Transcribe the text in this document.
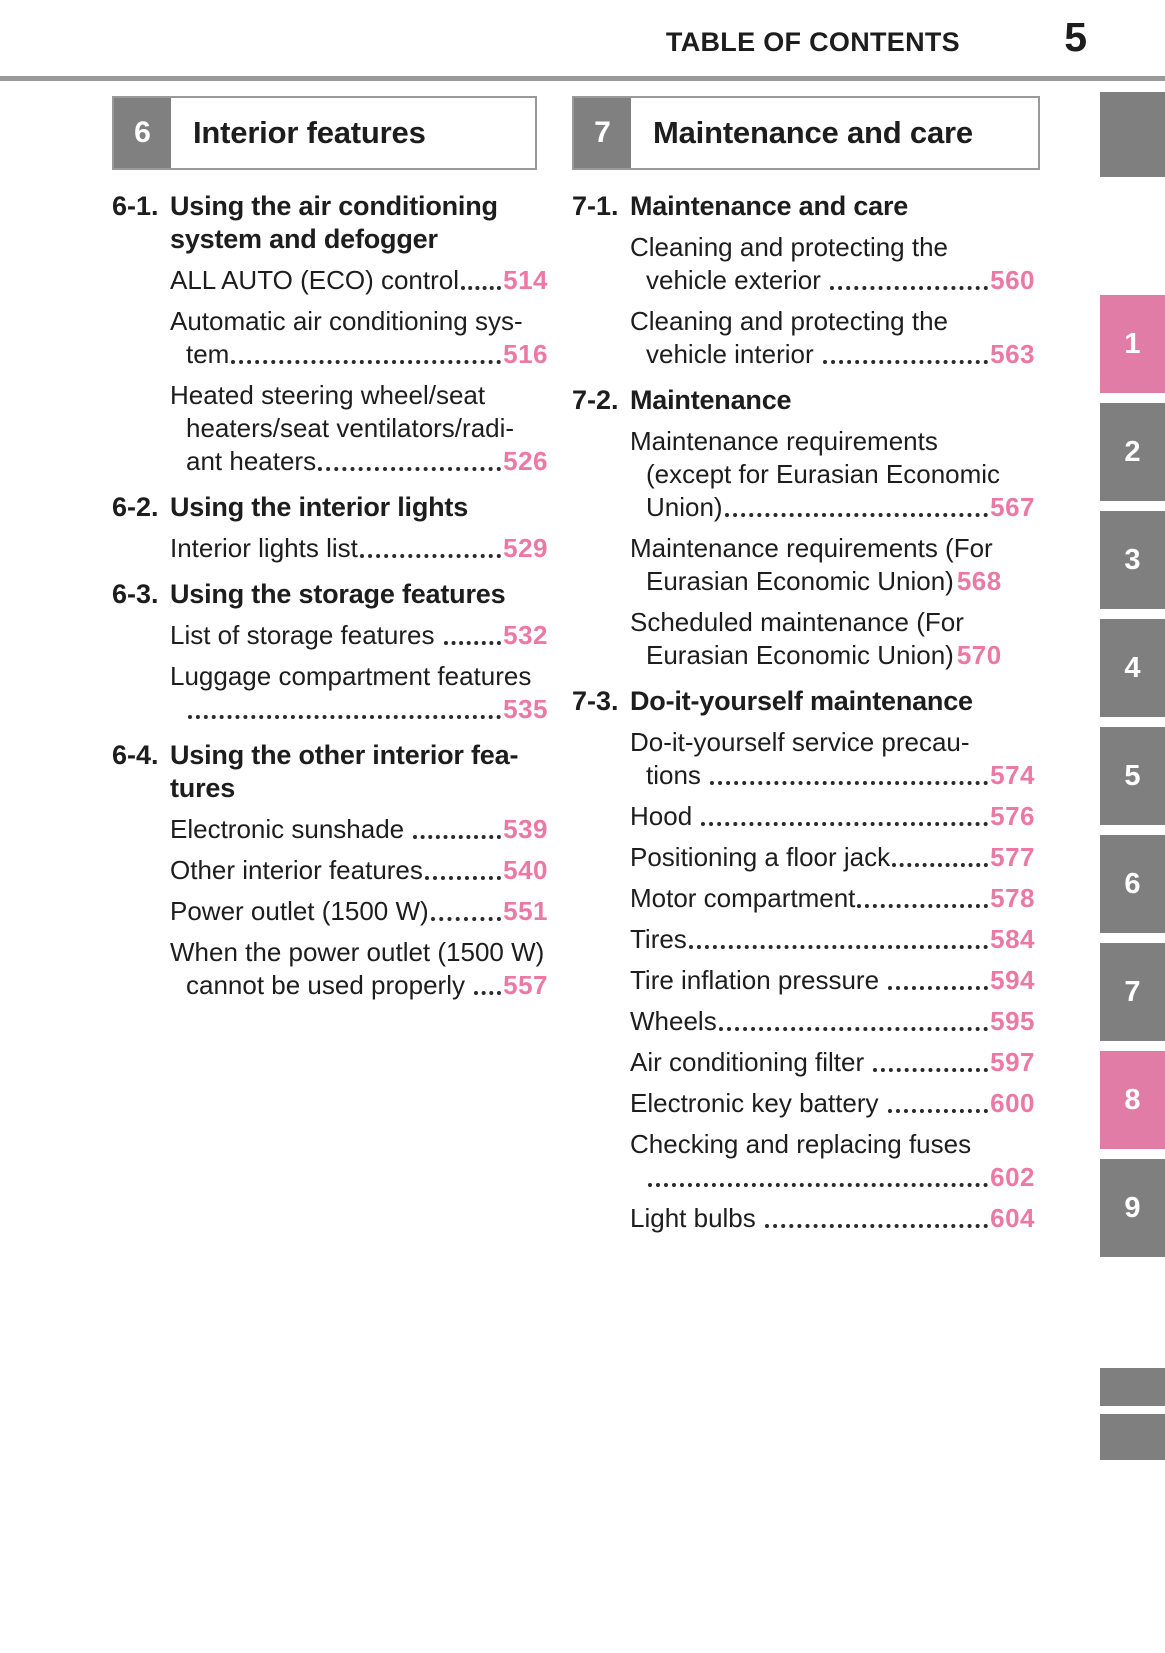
TABLE OF CONTENTS	5
6	Interior features
6-1. Using the air conditioning
system and defogger
ALL AUTO (ECO) control 514
Automatic air conditioning sys-
tem	516
Heated steering wheel/seat
heaters/seat ventilators/radi-
ant heaters	526
6-2. Using the interior lights
Interior lights list	529
6-3. Using the storage features
List of storage features 532
Luggage compartment features
535
6-4. Using the other interior fea-
tures
Electronic sunshade	539
Other interior features	540
Power outlet (1500 W)	551
When the power outlet (1500 W)
cannot be used properly 557
7	Maintenance and care
7-1. Maintenance and care
Cleaning and protecting the
vehicle exterior	560
Cleaning and protecting the
vehicle interior	563
7-2. Maintenance
Maintenance requirements
(except for Eurasian Economic
Union)	567
Maintenance requirements (For
Eurasian Economic Union) 568
Scheduled maintenance (For
Eurasian Economic Union) 570
7-3. Do-it-yourself maintenance
Do-it-yourself service precau-
tions	574
Hood	576
Positioning a floor jack	577
Motor compartment	578
Tires	584
Tire inflation pressure	594
Wheels	595
Air conditioning filter	597
Electronic key battery	600
Checking and replacing fuses
602
Light bulbs	604
1
2
3
4
5
6
7
8
9
